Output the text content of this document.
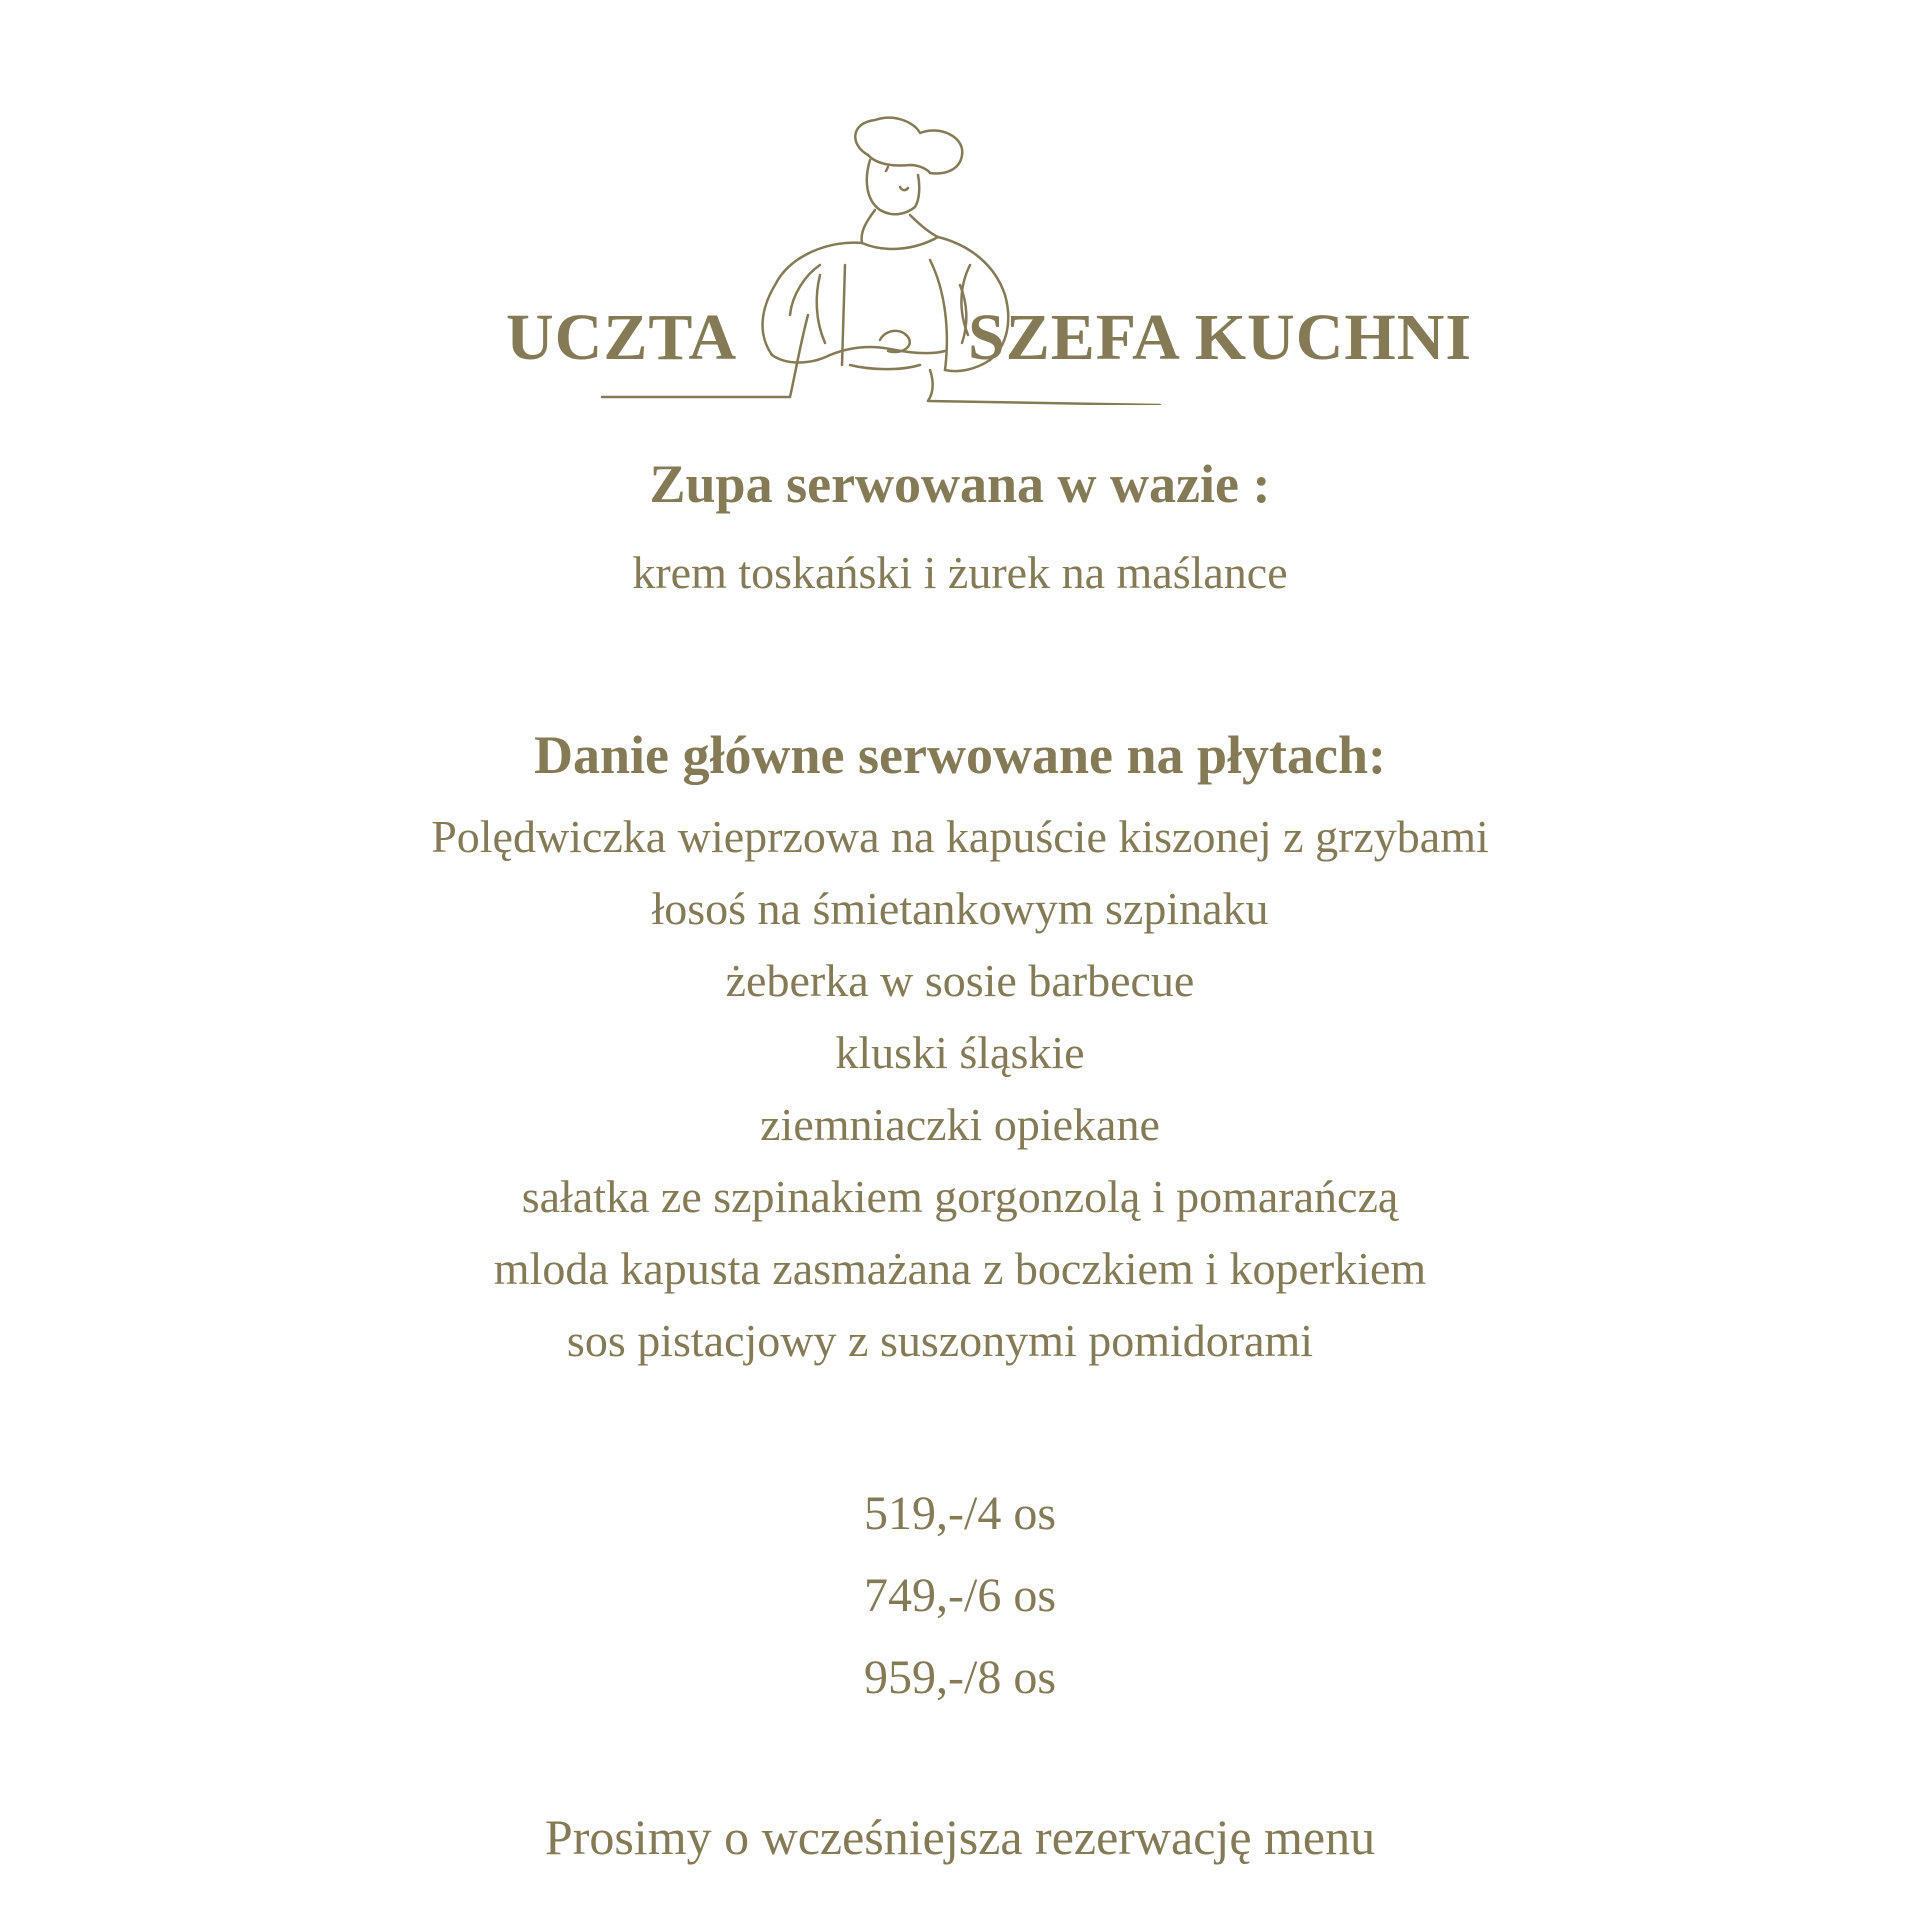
UCZTA	SZEFA KUCHNI
Zupa serwowana w wazie :
krem toskański i żurek na maślance
Danie główne serwowane na płytach:
Polędwiczka wieprzowa na kapuście kiszonej z grzybami
łosoś na śmietankowym szpinaku
żeberka w sosie barbecue
kluski śląskie
ziemniaczki opiekane
sałatka ze szpinakiem gorgonzolą i pomarańczą
mloda kapusta zasmażana z boczkiem i koperkiem
sos pistacjowy z suszonymi pomidorami
519,-/4 os
749,-/6 os
959,-/8 os
Prosimy o wcześniejsza rezerwację menu
